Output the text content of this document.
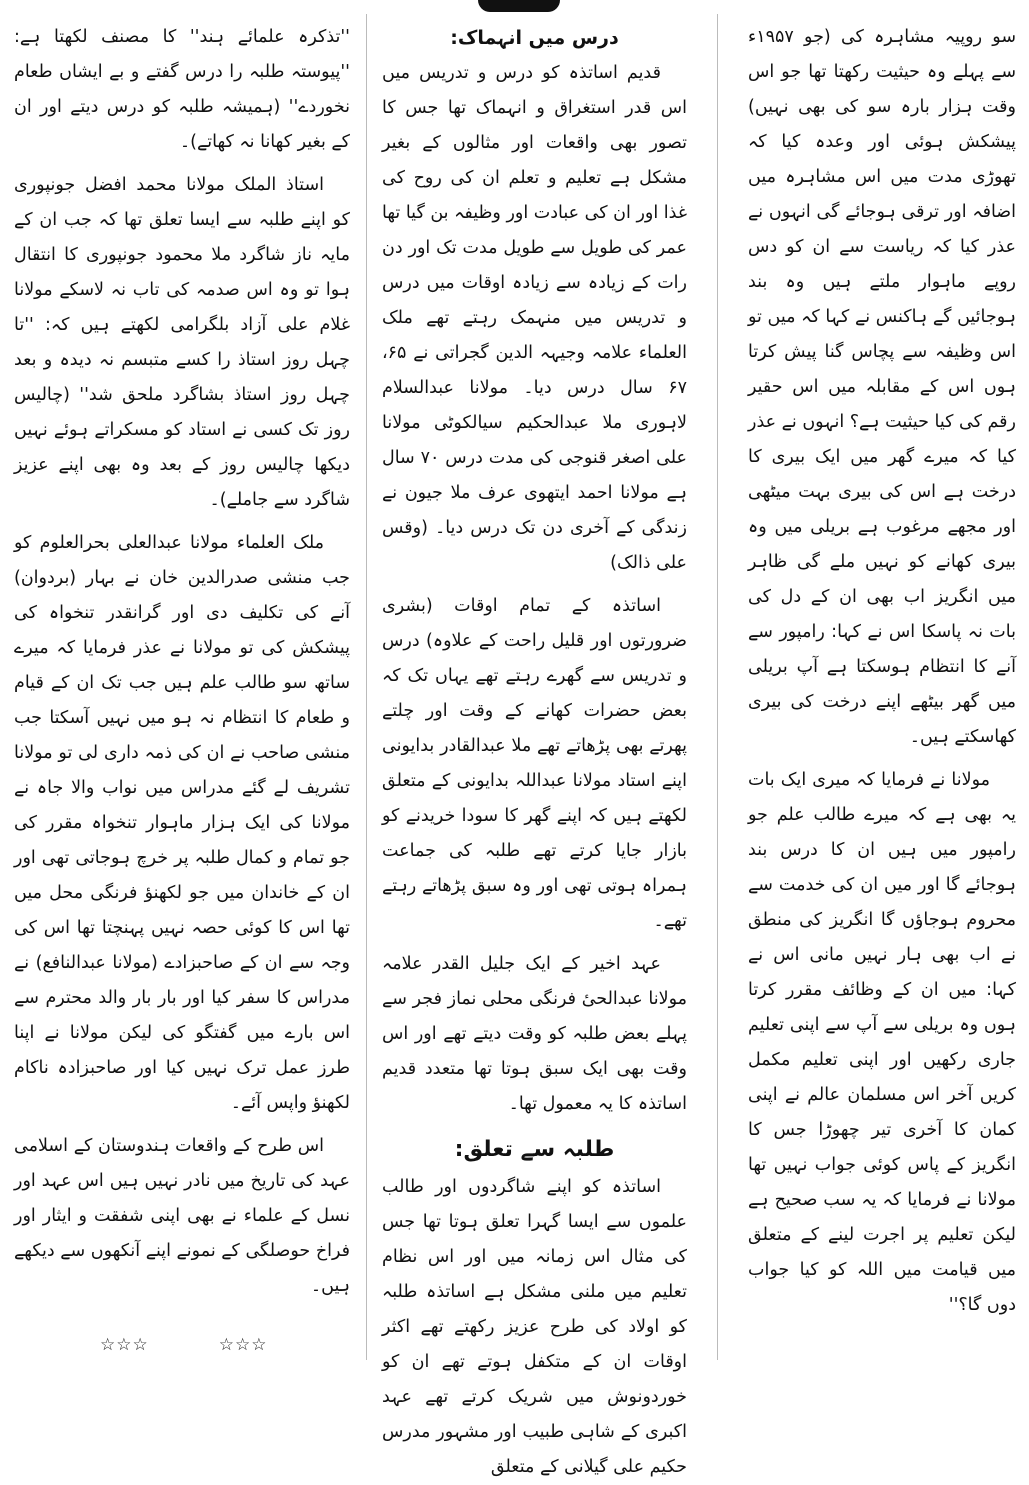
سو روپیہ مشاہرہ کی (جو ۱۹۵۷ء سے پہلے وہ حیثیت رکھتا تھا جو اس وقت ہزار بارہ سو کی بھی نہیں) پیشکش ہوئی اور وعدہ کیا کہ تھوڑی مدت میں اس مشاہرہ میں اضافہ اور ترقی ہوجائے گی انہوں نے عذر کیا کہ ریاست سے ان کو دس روپے ماہوار ملتے ہیں وہ بند ہوجائیں گے ہاکنس نے کہا کہ میں تو اس وظیفہ سے پچاس گنا پیش کرتا ہوں اس کے مقابلہ میں اس حقیر رقم کی کیا حیثیت ہے؟ انہوں نے عذر کیا کہ میرے گھر میں ایک بیری کا درخت ہے اس کی بیری بہت میٹھی اور مجھے مرغوب ہے بریلی میں وہ بیری کھانے کو نہیں ملے گی ظاہر میں انگریز اب بھی ان کے دل کی بات نہ پاسکا اس نے کہا: رامپور سے آنے کا انتظام ہوسکتا ہے آپ بریلی میں گھر بیٹھے اپنے درخت کی بیری کھاسکتے ہیں۔

مولانا نے فرمایا کہ میری ایک بات یہ بھی ہے کہ میرے طالب علم جو رامپور میں ہیں ان کا درس بند ہوجائے گا اور میں ان کی خدمت سے محروم ہوجاؤں گا انگریز کی منطق نے اب بھی ہار نہیں مانی اس نے کہا: میں ان کے وظائف مقرر کرتا ہوں وہ بریلی سے آپ سے اپنی تعلیم جاری رکھیں اور اپنی تعلیم مکمل کریں آخر اس مسلمان عالم نے اپنی کمان کا آخری تیر چھوڑا جس کا انگریز کے پاس کوئی جواب نہیں تھا مولانا نے فرمایا کہ یہ سب صحیح ہے لیکن تعلیم پر اجرت لینے کے متعلق میں قیامت میں اللہ کو کیا جواب دوں گا؟''

درس میں انہماک:

قدیم اساتذہ کو درس و تدریس میں اس قدر استغراق و انہماک تھا جس کا تصور بھی واقعات اور مثالوں کے بغیر مشکل ہے تعلیم و تعلم ان کی روح کی غذا اور ان کی عبادت اور وظیفہ بن گیا تھا عمر کی طویل سے طویل مدت تک اور دن رات کے زیادہ سے زیادہ اوقات میں درس و تدریس میں منہمک رہتے تھے ملک العلماء علامہ وجیہہ الدین گجراتی نے ۶۵، ۶۷ سال درس دیا۔ مولانا عبدالسلام لاہوری ملا عبدالحکیم سیالکوٹی مولانا علی اصغر قنوجی کی مدت درس ۷۰ سال ہے مولانا احمد ایتھوی عرف ملا جیون نے زندگی کے آخری دن تک درس دیا۔ (وقس علی ذالک)

اساتذہ کے تمام اوقات (بشری ضرورتوں اور قلیل راحت کے علاوہ) درس و تدریس سے گھرے رہتے تھے یہاں تک کہ بعض حضرات کھانے کے وقت اور چلتے پھرتے بھی پڑھاتے تھے ملا عبدالقادر بدایونی اپنے استاد مولانا عبداللہ بدایونی کے متعلق لکھتے ہیں کہ اپنے گھر کا سودا خریدنے کو بازار جایا کرتے تھے طلبہ کی جماعت ہمراہ ہوتی تھی اور وہ سبق پڑھاتے رہتے تھے۔

عہد اخیر کے ایک جلیل القدر علامہ مولانا عبدالحیٔ فرنگی محلی نماز فجر سے پہلے بعض طلبہ کو وقت دیتے تھے اور اس وقت بھی ایک سبق ہوتا تھا متعدد قدیم اساتذہ کا یہ معمول تھا۔

طلبہ سے تعلق:

اساتذہ کو اپنے شاگردوں اور طالب علموں سے ایسا گہرا تعلق ہوتا تھا جس کی مثال اس زمانہ میں اور اس نظام تعلیم میں ملنی مشکل ہے اساتذہ طلبہ کو اولاد کی طرح عزیز رکھتے تھے اکثر اوقات ان کے متکفل ہوتے تھے ان کو خوردونوش میں شریک کرتے تھے عہد اکبری کے شاہی طبیب اور مشہور مدرس حکیم علی گیلانی کے متعلق

''تذکرہ علمائے ہند'' کا مصنف لکھتا ہے: ''پیوستہ طلبہ را درس گفتے و بے ایشاں طعام نخوردے'' (ہمیشہ طلبہ کو درس دیتے اور ان کے بغیر کھانا نہ کھاتے)۔

استاذ الملک مولانا محمد افضل جونپوری کو اپنے طلبہ سے ایسا تعلق تھا کہ جب ان کے مایہ ناز شاگرد ملا محمود جونپوری کا انتقال ہوا تو وہ اس صدمہ کی تاب نہ لاسکے مولانا غلام علی آزاد بلگرامی لکھتے ہیں کہ: ''تا چہل روز استاذ را کسے متبسم نہ دیدہ و بعد چہل روز استاذ بشاگرد ملحق شد'' (چالیس روز تک کسی نے استاد کو مسکراتے ہوئے نہیں دیکھا چالیس روز کے بعد وہ بھی اپنے عزیز شاگرد سے جاملے)۔

ملک العلماء مولانا عبدالعلی بحرالعلوم کو جب منشی صدرالدین خان نے بہار (بردوان) آنے کی تکلیف دی اور گرانقدر تنخواہ کی پیشکش کی تو مولانا نے عذر فرمایا کہ میرے ساتھ سو طالب علم ہیں جب تک ان کے قیام و طعام کا انتظام نہ ہو میں نہیں آسکتا جب منشی صاحب نے ان کی ذمہ داری لی تو مولانا تشریف لے گئے مدراس میں نواب والا جاہ نے مولانا کی ایک ہزار ماہوار تنخواہ مقرر کی جو تمام و کمال طلبہ پر خرچ ہوجاتی تھی اور ان کے خاندان میں جو لکھنؤ فرنگی محل میں تھا اس کا کوئی حصہ نہیں پہنچتا تھا اس کی وجہ سے ان کے صاحبزادے (مولانا عبدالنافع) نے مدراس کا سفر کیا اور بار بار والد محترم سے اس بارے میں گفتگو کی لیکن مولانا نے اپنا طرز عمل ترک نہیں کیا اور صاحبزادہ ناکام لکھنؤ واپس آئے۔

اس طرح کے واقعات ہندوستان کے اسلامی عہد کی تاریخ میں نادر نہیں ہیں اس عہد اور نسل کے علماء نے بھی اپنی شفقت و ایثار اور فراخ حوصلگی کے نمونے اپنے آنکھوں سے دیکھے ہیں۔

☆☆☆	☆☆☆
